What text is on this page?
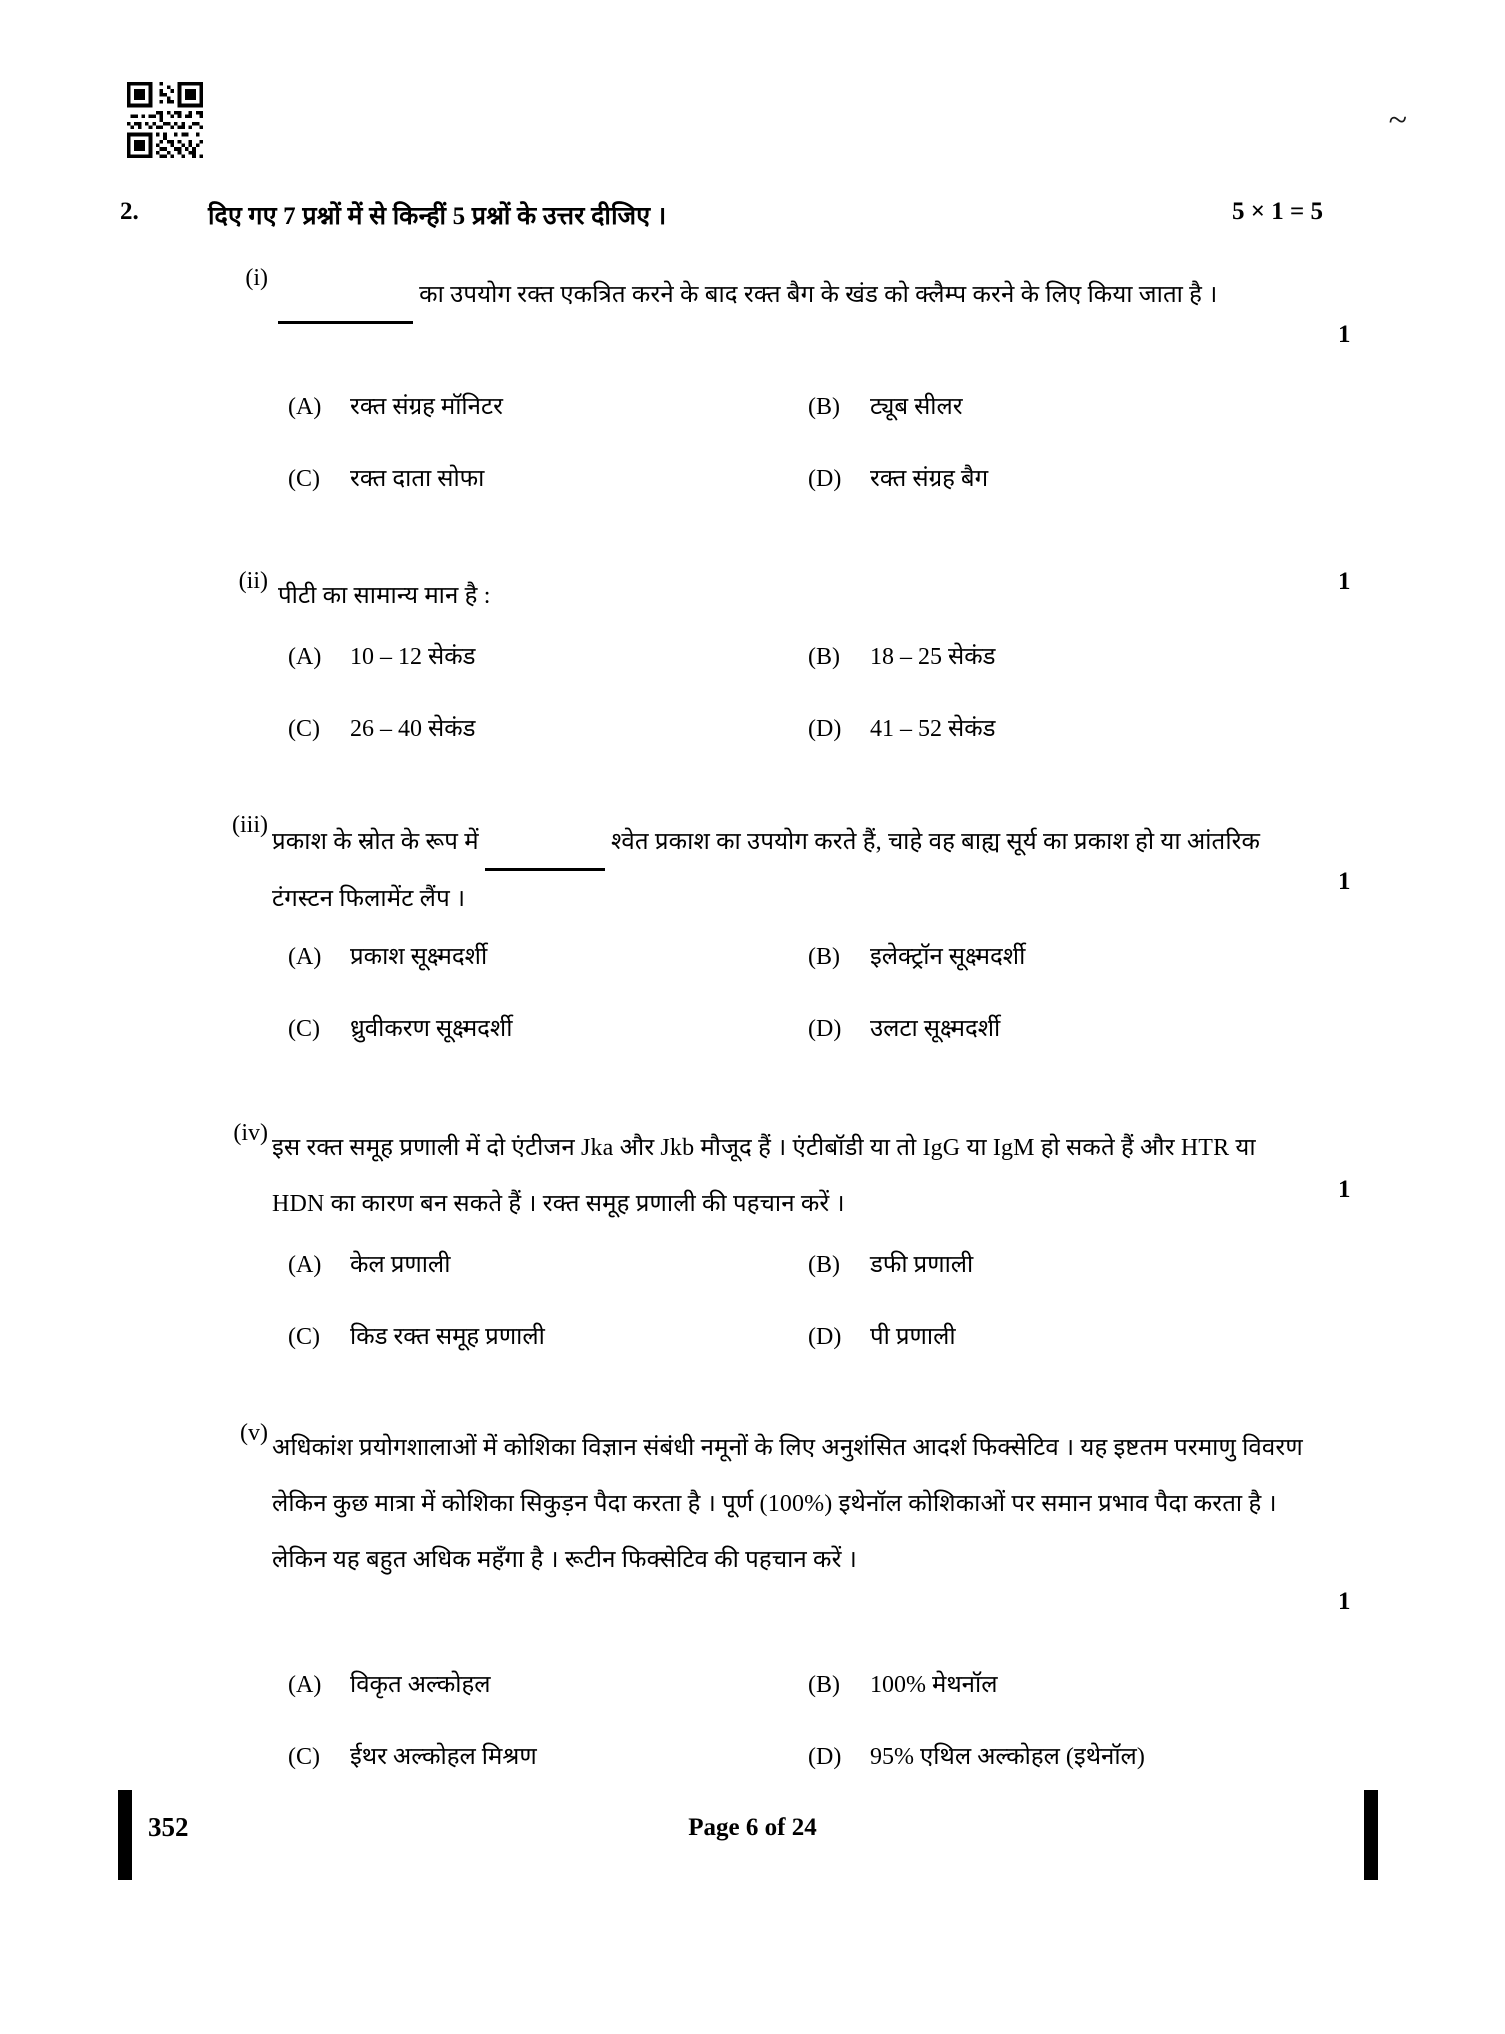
~
2.	दिए गए 7 प्रश्नों में से किन्हीं 5 प्रश्नों के उत्तर दीजिए ।	5 × 1 = 5
(i)
का उपयोग रक्त एकत्रित करने के बाद रक्त बैग के खंड को क्लैम्प करने के लिए किया जाता है ।
1
(A) रक्त संग्रह मॉनिटर	(B) ट्यूब सीलर
(C) रक्त दाता सोफा	(D) रक्त संग्रह बैग
(ii)
पीटी का सामान्य मान है :
1
(A) 10 – 12 सेकंड	(B) 18 – 25 सेकंड
(C) 26 – 40 सेकंड	(D) 41 – 52 सेकंड
(iii)
प्रकाश के स्रोत के रूप में	श्वेत प्रकाश का उपयोग करते हैं, चाहे वह बाह्य सूर्य का प्रकाश हो या आंतरिक टंगस्टन फिलामेंट लैंप ।
1
(A) प्रकाश सूक्ष्मदर्शी	(B) इलेक्ट्रॉन सूक्ष्मदर्शी
(C) ध्रुवीकरण सूक्ष्मदर्शी	(D) उलटा सूक्ष्मदर्शी
(iv)
इस रक्त समूह प्रणाली में दो एंटीजन Jka और Jkb मौजूद हैं । एंटीबॉडी या तो IgG या IgM हो सकते हैं और HTR या HDN का कारण बन सकते हैं । रक्त समूह प्रणाली की पहचान करें ।
1
(A) केल प्रणाली	(B) डफी प्रणाली
(C) किड रक्त समूह प्रणाली	(D) पी प्रणाली
(v)
अधिकांश प्रयोगशालाओं में कोशिका विज्ञान संबंधी नमूनों के लिए अनुशंसित आदर्श फिक्सेटिव । यह इष्टतम परमाणु विवरण लेकिन कुछ मात्रा में कोशिका सिकुड़न पैदा करता है । पूर्ण (100%) इथेनॉल कोशिकाओं पर समान प्रभाव पैदा करता है । लेकिन यह बहुत अधिक महँगा है । रूटीन फिक्सेटिव की पहचान करें ।
1
(A) विकृत अल्कोहल	(B) 100% मेथनॉल
(C) ईथर अल्कोहल मिश्रण	(D) 95% एथिल अल्कोहल (इथेनॉल)
352	Page 6 of 24
